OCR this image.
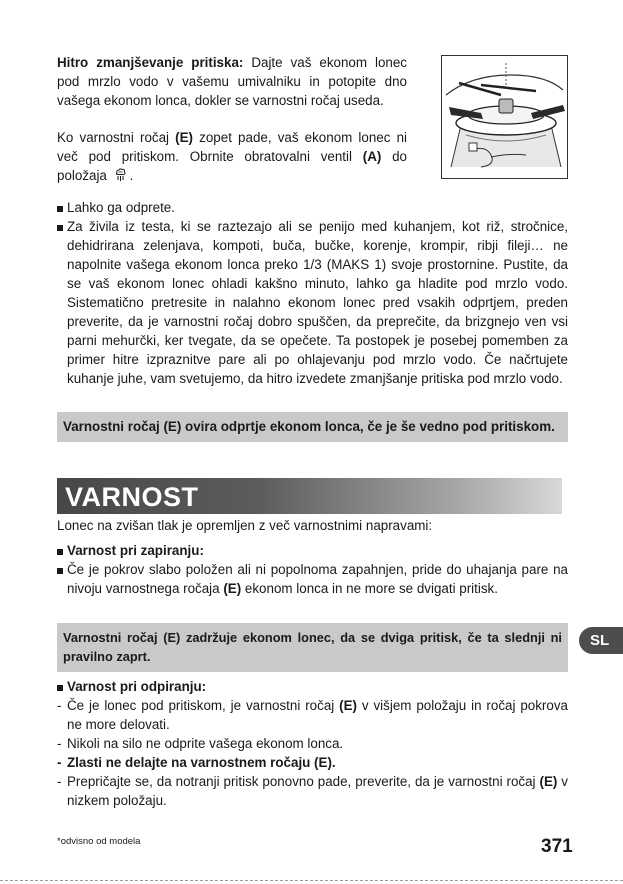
Hitro zmanjševanje pritiska: Dajte vaš ekonom lonec pod mrzlo vodo v vašemu umivalniku in potopite dno vašega ekonom lonca, dokler se varnostni ročaj useda.

Ko varnostni ročaj (E) zopet pade, vaš ekonom lonec ni več pod pritiskom. Obrnite obratovalni ventil (A) do položaja .

Lahko ga odprete.
Za živila iz testa, ki se raztezajo ali se penijo med kuhanjem, kot riž, stročnice, dehidrirana zelenjava, kompoti, buča, bučke, korenje, krompir, ribji fileji… ne napolnite vašega ekonom lonca preko 1/3 (MAKS 1) svoje prostornine. Pustite, da se vaš ekonom lonec ohladi kakšno minuto, lahko ga hladite pod mrzlo vodo. Sistematično pretresite in nalahno ekonom lonec pred vsakih odprtjem, preden preverite, da je varnostni ročaj dobro spuščen, da preprečite, da brizgnejo ven vsi parni mehurčki, ker tvegate, da se opečete. Ta postopek je posebej pomemben za primer hitre izpraznitve pare ali po ohlajevanju pod mrzlo vodo. Če načrtujete kuhanje juhe, vam svetujemo, da hitro izvedete zmanjšanje pritiska pod mrzlo vodo.
Varnostni ročaj (E) ovira odprtje ekonom lonca, če je še vedno pod pritiskom.
VARNOST
Lonec na zvišan tlak je opremljen z več varnostnimi napravami:
Varnost pri zapiranju:
Če je pokrov slabo položen ali ni popolnoma zapahnjen, pride do uhajanja pare na nivoju varnostnega ročaja (E) ekonom lonca in ne more se dvigati pritisk.
Varnostni ročaj (E) zadržuje ekonom lonec, da se dviga pritisk, če ta slednji ni pravilno zaprt.
Varnost pri odpiranju:
- Če je lonec pod pritiskom, je varnostni ročaj (E) v višjem položaju in ročaj pokrova ne more delovati.
- Nikoli na silo ne odprite vašega ekonom lonca.
- Zlasti ne delajte na varnostnem ročaju (E).
- Prepričajte se, da notranji pritisk ponovno pade, preverite, da je varnostni ročaj (E) v nizkem položaju.
SL
*odvisno od modela	371
